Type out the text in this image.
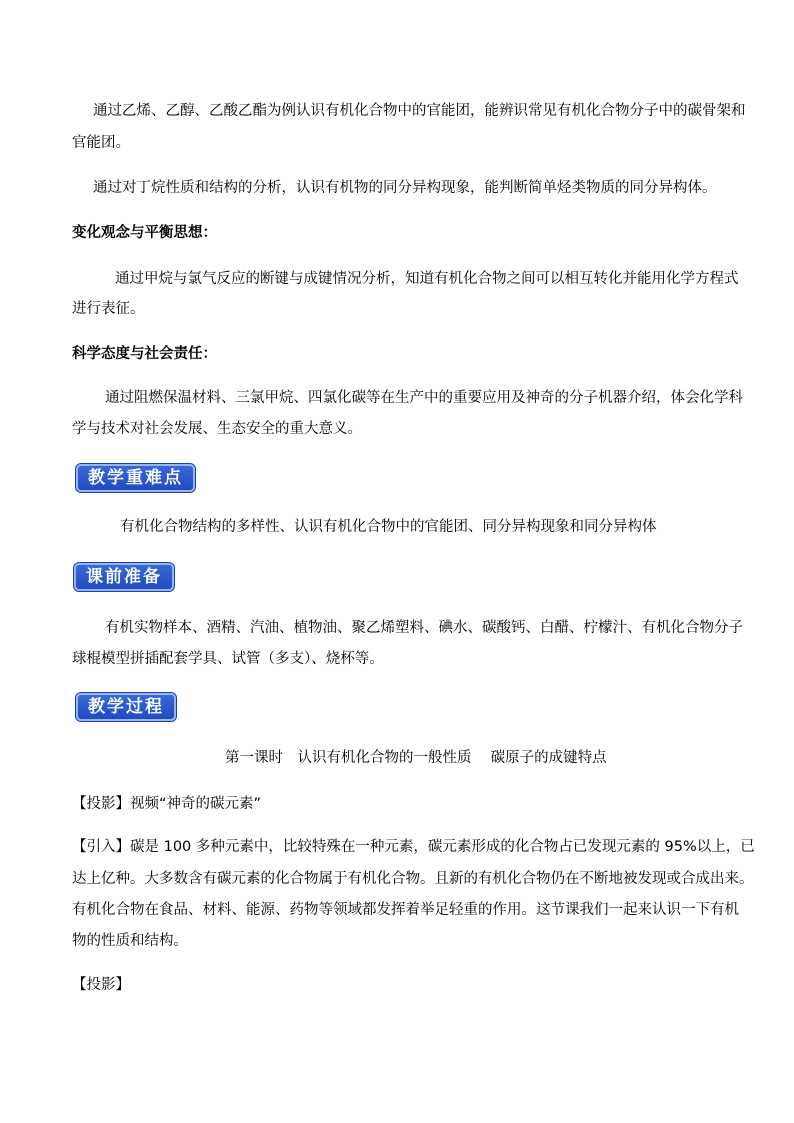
通过乙烯、乙醇、乙酸乙酯为例认识有机化合物中的官能团，能辨识常见有机化合物分子中的碳骨架和
官能团。
通过对丁烷性质和结构的分析，认识有机物的同分异构现象，能判断简单烃类物质的同分异构体。
变化观念与平衡思想：
通过甲烷与氯气反应的断键与成键情况分析，知道有机化合物之间可以相互转化并能用化学方程式
进行表征。
科学态度与社会责任：
通过阻燃保温材料、三氯甲烷、四氯化碳等在生产中的重要应用及神奇的分子机器介绍，体会化学科
学与技术对社会发展、生态安全的重大意义。
教学重难点
有机化合物结构的多样性、认识有机化合物中的官能团、同分异构现象和同分异构体
课前准备
有机实物样本、酒精、汽油、植物油、聚乙烯塑料、碘水、碳酸钙、白醋、柠檬汁、有机化合物分子
球棍模型拼插配套学具、试管（多支）、烧杯等。
教学过程
第一课时　认识有机化合物的一般性质　 碳原子的成键特点
【投影】视频“神奇的碳元素”
【引入】碳是 100 多种元素中，比较特殊在一种元素，碳元素形成的化合物占已发现元素的 95%以上，已
达上亿种。大多数含有碳元素的化合物属于有机化合物。且新的有机化合物仍在不断地被发现或合成出来。
有机化合物在食品、材料、能源、药物等领域都发挥着举足轻重的作用。这节课我们一起来认识一下有机
物的性质和结构。
【投影】
